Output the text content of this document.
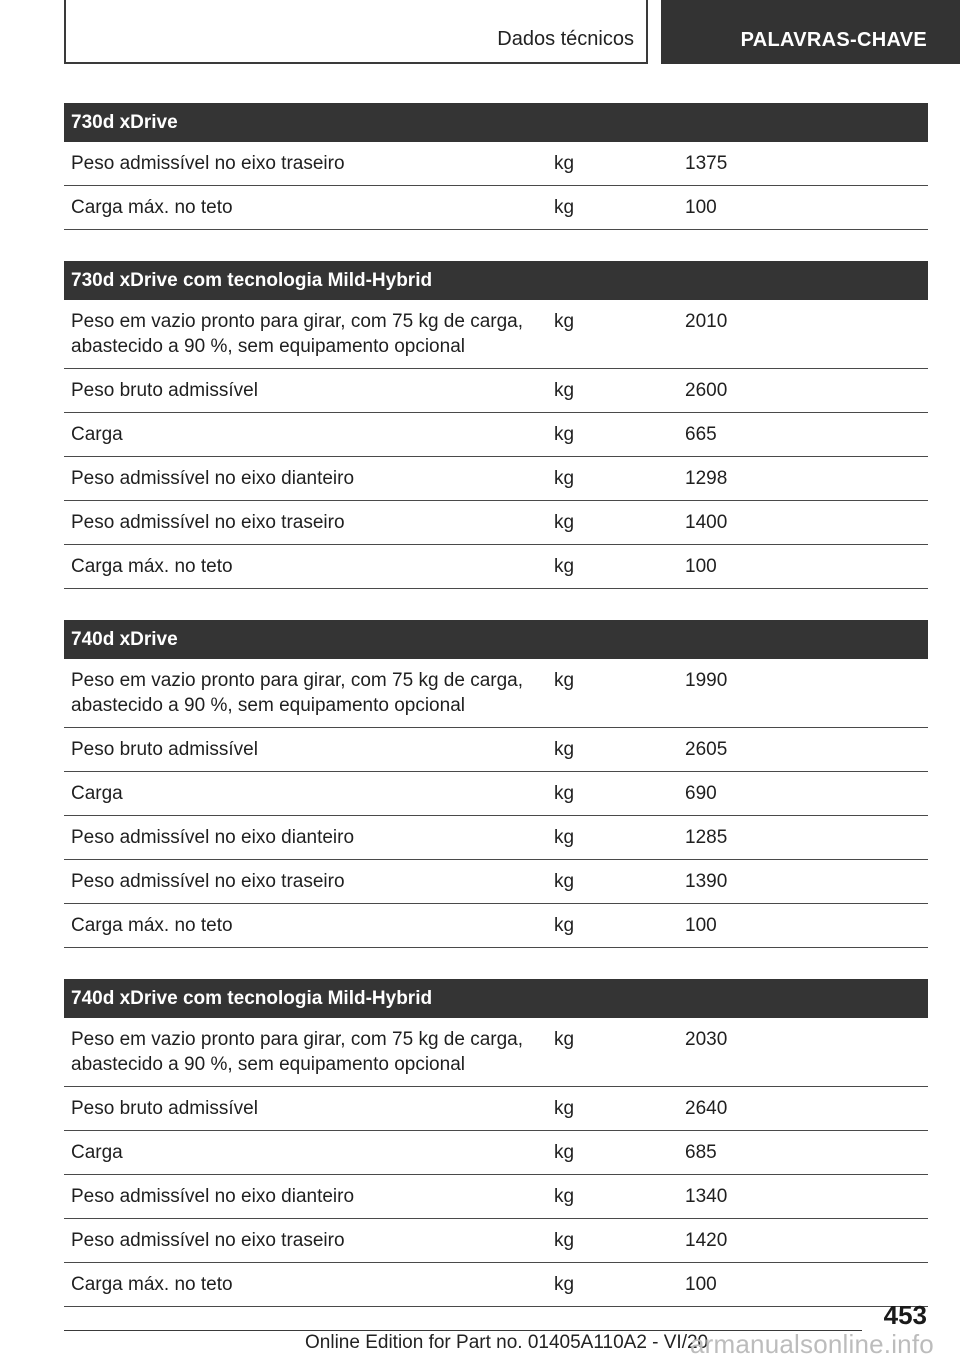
Dados técnicos	PALAVRAS-CHAVE
730d xDrive		
Peso admissível no eixo traseiro	kg	1375
Carga máx. no teto	kg	100
730d xDrive com tecnologia Mild-Hybrid		
Peso em vazio pronto para girar, com 75 kg de carga, abastecido a 90 %, sem equipamento opcional	kg	2010
Peso bruto admissível	kg	2600
Carga	kg	665
Peso admissível no eixo dianteiro	kg	1298
Peso admissível no eixo traseiro	kg	1400
Carga máx. no teto	kg	100
740d xDrive		
Peso em vazio pronto para girar, com 75 kg de carga, abastecido a 90 %, sem equipamento opcional	kg	1990
Peso bruto admissível	kg	2605
Carga	kg	690
Peso admissível no eixo dianteiro	kg	1285
Peso admissível no eixo traseiro	kg	1390
Carga máx. no teto	kg	100
740d xDrive com tecnologia Mild-Hybrid		
Peso em vazio pronto para girar, com 75 kg de carga, abastecido a 90 %, sem equipamento opcional	kg	2030
Peso bruto admissível	kg	2640
Carga	kg	685
Peso admissível no eixo dianteiro	kg	1340
Peso admissível no eixo traseiro	kg	1420
Carga máx. no teto	kg	100
453
Online Edition for Part no. 01405A110A2 - VI/20
armanualsonline.info
